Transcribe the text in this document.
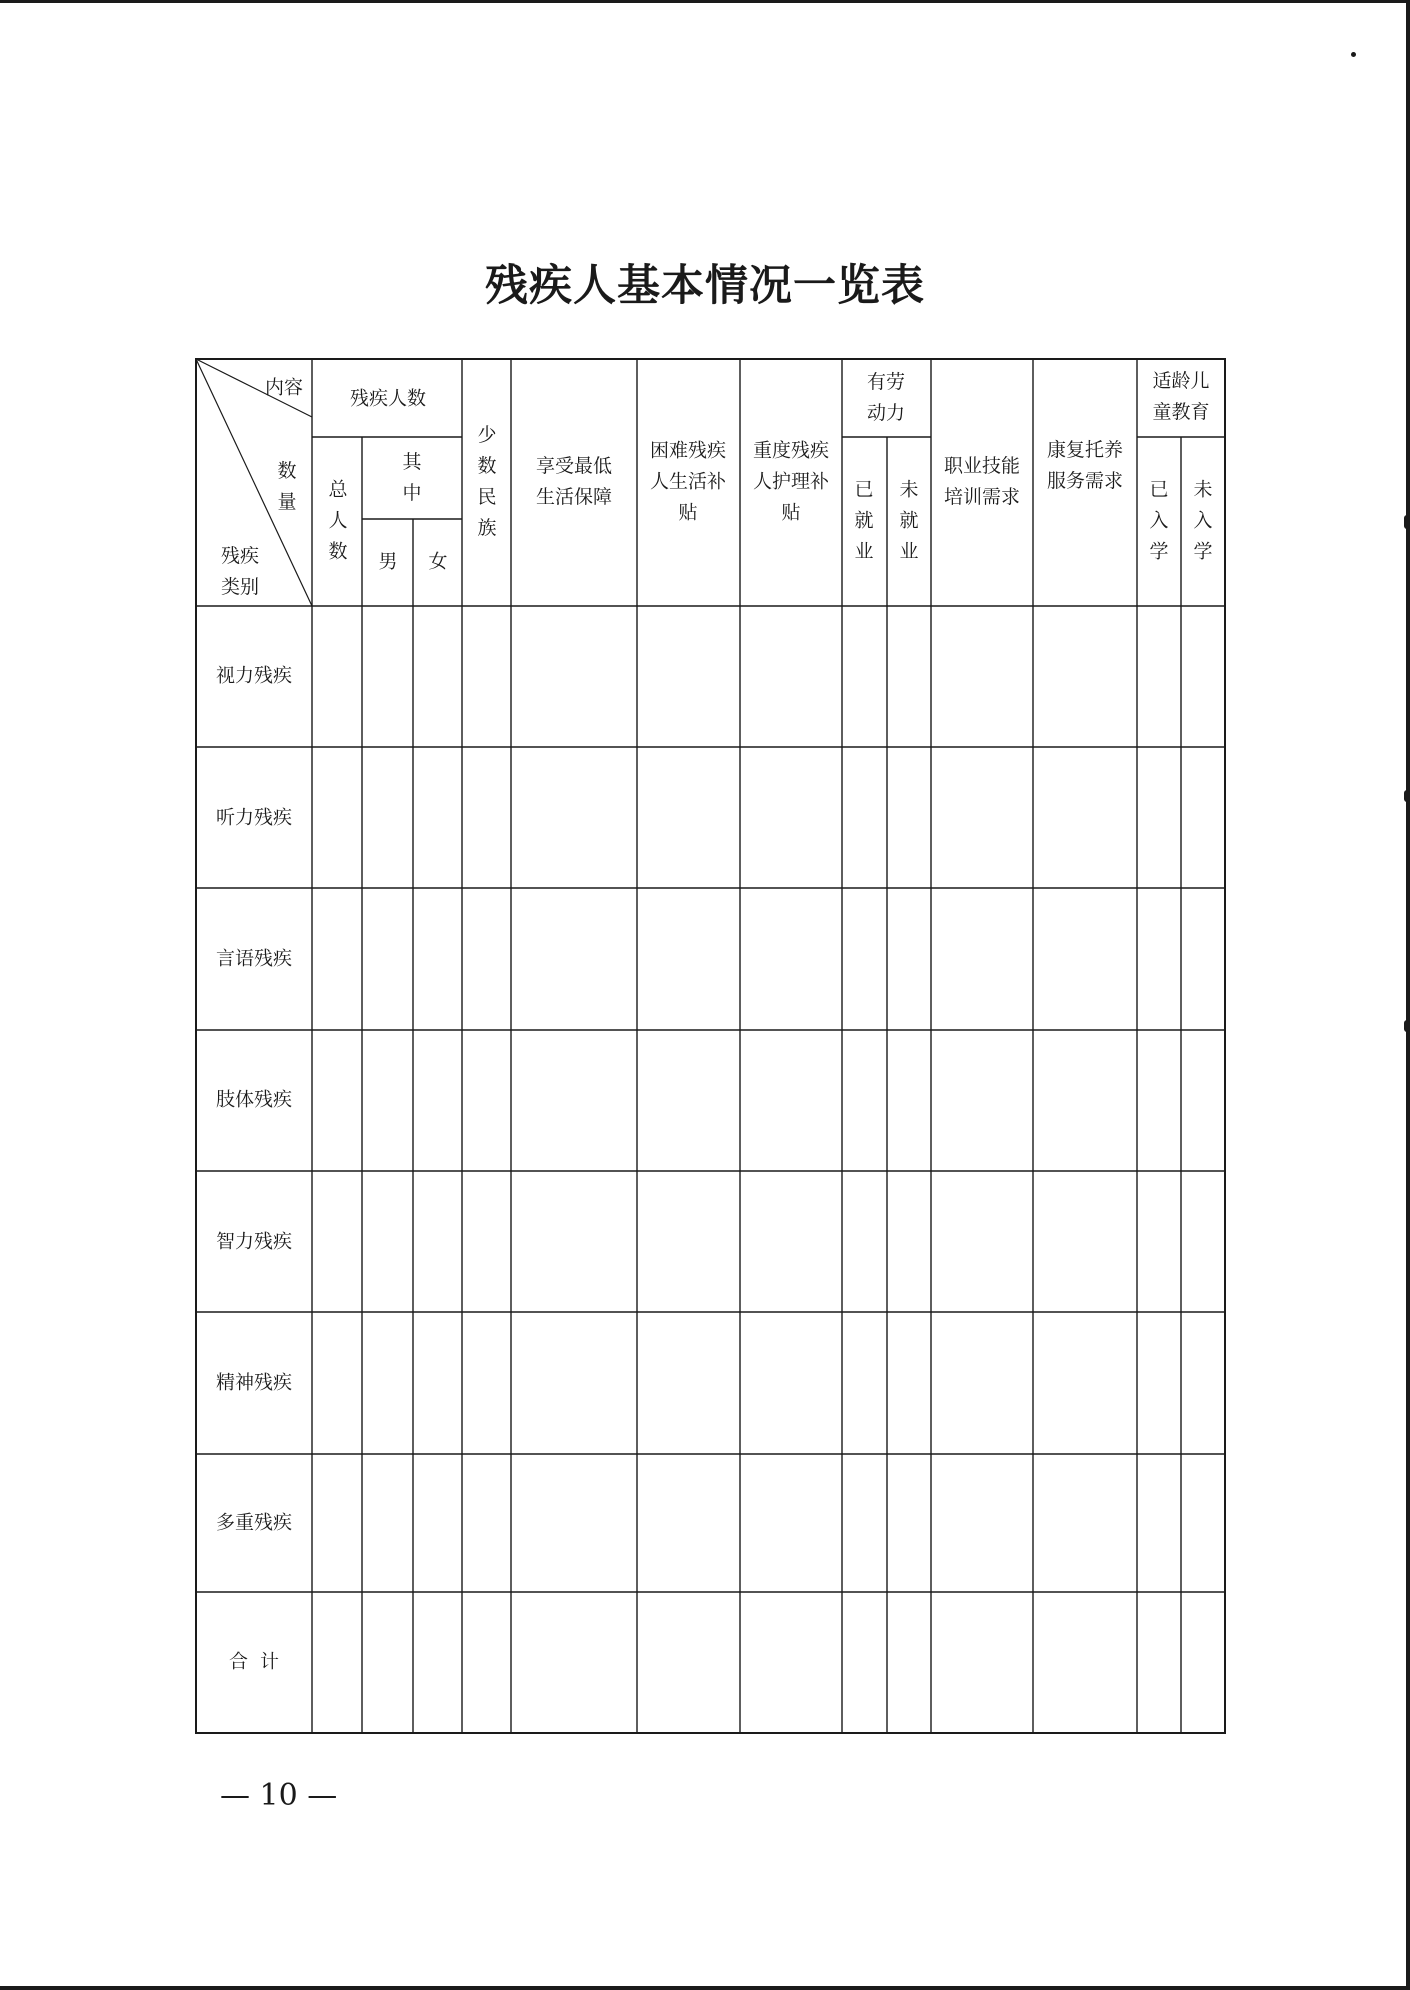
残疾人基本情况一览表
内容
数量
残疾类别
残疾人数
总人数
其中
男 女
少数民族
享受最低生活保障
困难残疾人生活补贴
重度残疾人护理补贴
有劳动力
已就业
未就业
职业技能培训需求
康复托养服务需求
适龄儿童教育
已入学
未入学
视力残疾
听力残疾
言语残疾
肢体残疾
智力残疾
精神残疾
多重残疾
合  计
— 10 —
